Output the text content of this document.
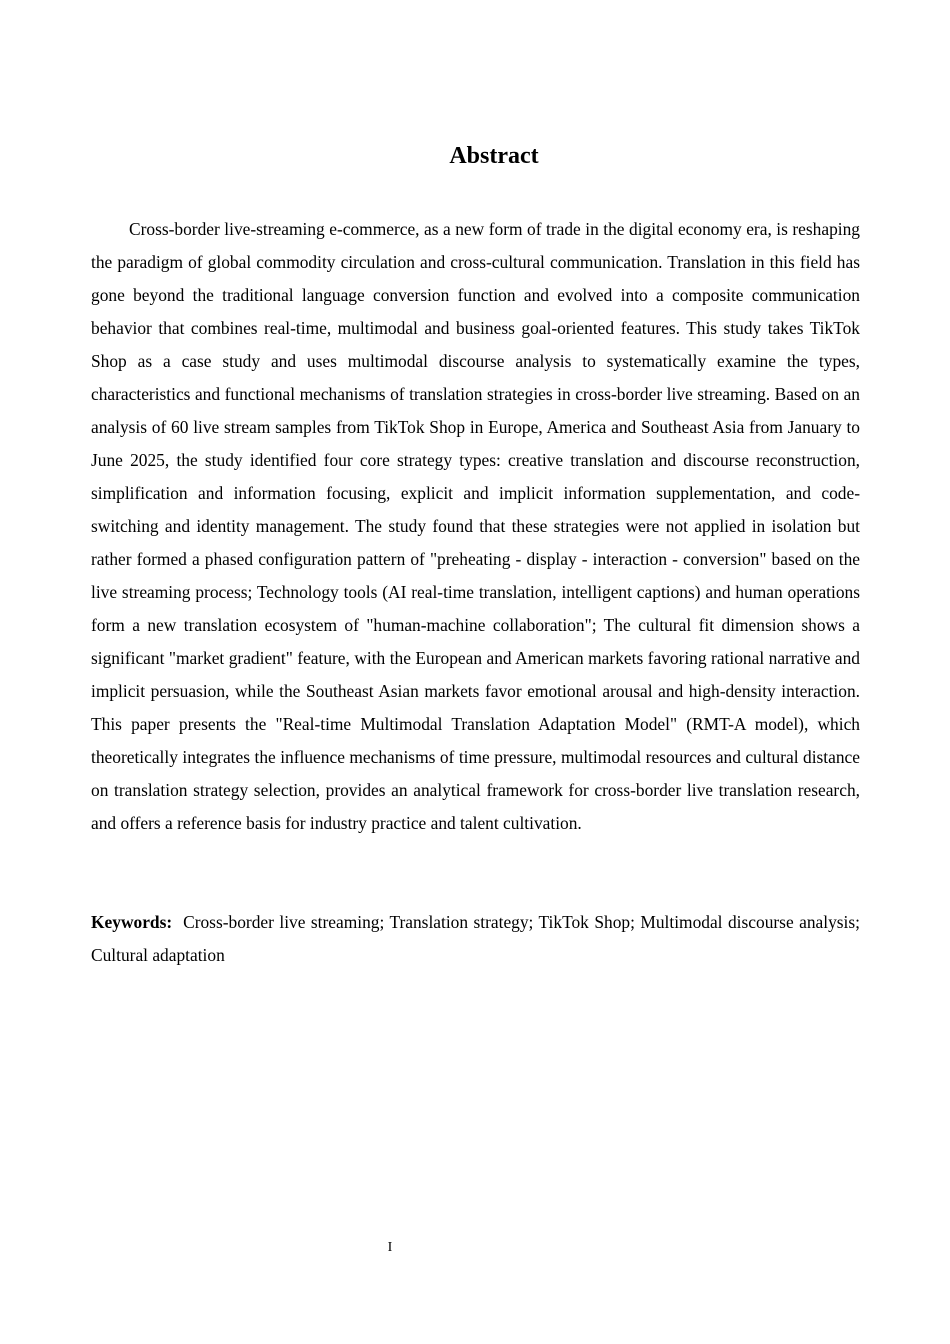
Abstract

Cross-border live-streaming e-commerce, as a new form of trade in the digital economy era, is reshaping the paradigm of global commodity circulation and cross-cultural communication. Translation in this field has gone beyond the traditional language conversion function and evolved into a composite communication behavior that combines real-time, multimodal and business goal-oriented features. This study takes TikTok Shop as a case study and uses multimodal discourse analysis to systematically examine the types, characteristics and functional mechanisms of translation strategies in cross-border live streaming. Based on an analysis of 60 live stream samples from TikTok Shop in Europe, America and Southeast Asia from January to June 2025, the study identified four core strategy types: creative translation and discourse reconstruction, simplification and information focusing, explicit and implicit information supplementation, and code-switching and identity management. The study found that these strategies were not applied in isolation but rather formed a phased configuration pattern of "preheating - display - interaction - conversion" based on the live streaming process; Technology tools (AI real-time translation, intelligent captions) and human operations form a new translation ecosystem of "human-machine collaboration"; The cultural fit dimension shows a significant "market gradient" feature, with the European and American markets favoring rational narrative and implicit persuasion, while the Southeast Asian markets favor emotional arousal and high-density interaction. This paper presents the "Real-time Multimodal Translation Adaptation Model" (RMT-A model), which theoretically integrates the influence mechanisms of time pressure, multimodal resources and cultural distance on translation strategy selection, provides an analytical framework for cross-border live translation research, and offers a reference basis for industry practice and talent cultivation.

Keywords: Cross-border live streaming; Translation strategy; TikTok Shop; Multimodal discourse analysis; Cultural adaptation

I
